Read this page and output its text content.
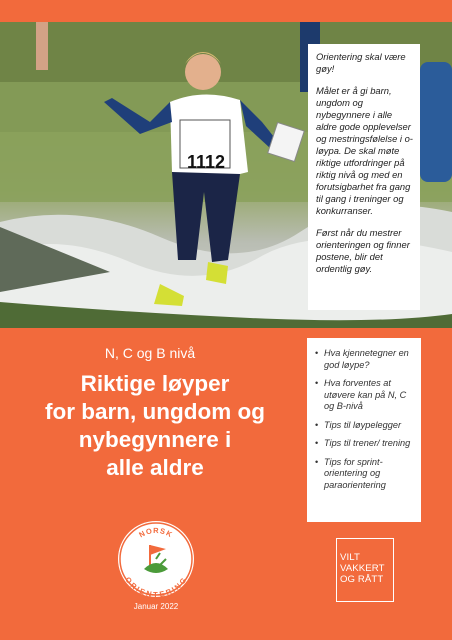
1112

Orientering skal være gøy!

Målet er å gi barn, ungdom og nybegynnere i alle aldre gode opplevelser og mestringsfølelse i o-løypa. De skal møte riktige utfordringer på riktig nivå og med en forutsigbarhet fra gang til gang i treninger og konkurranser.

Først når du mestrer orienteringen og finner postene, blir det ordentlig gøy.

N, C og B nivå
Riktige løyper
for barn, ungdom og
nybegynnere i
alle aldre
NORSK
ORIENTERING
Januar 2022
• Hva kjennetegner en god løype?
• Hva forventes at utøvere kan på N, C og B-nivå
• Tips til løypelegger
• Tips til trener/ trening
• Tips for sprint-orientering og paraorientering
VILT
VAKKERT
OG RÅTT
